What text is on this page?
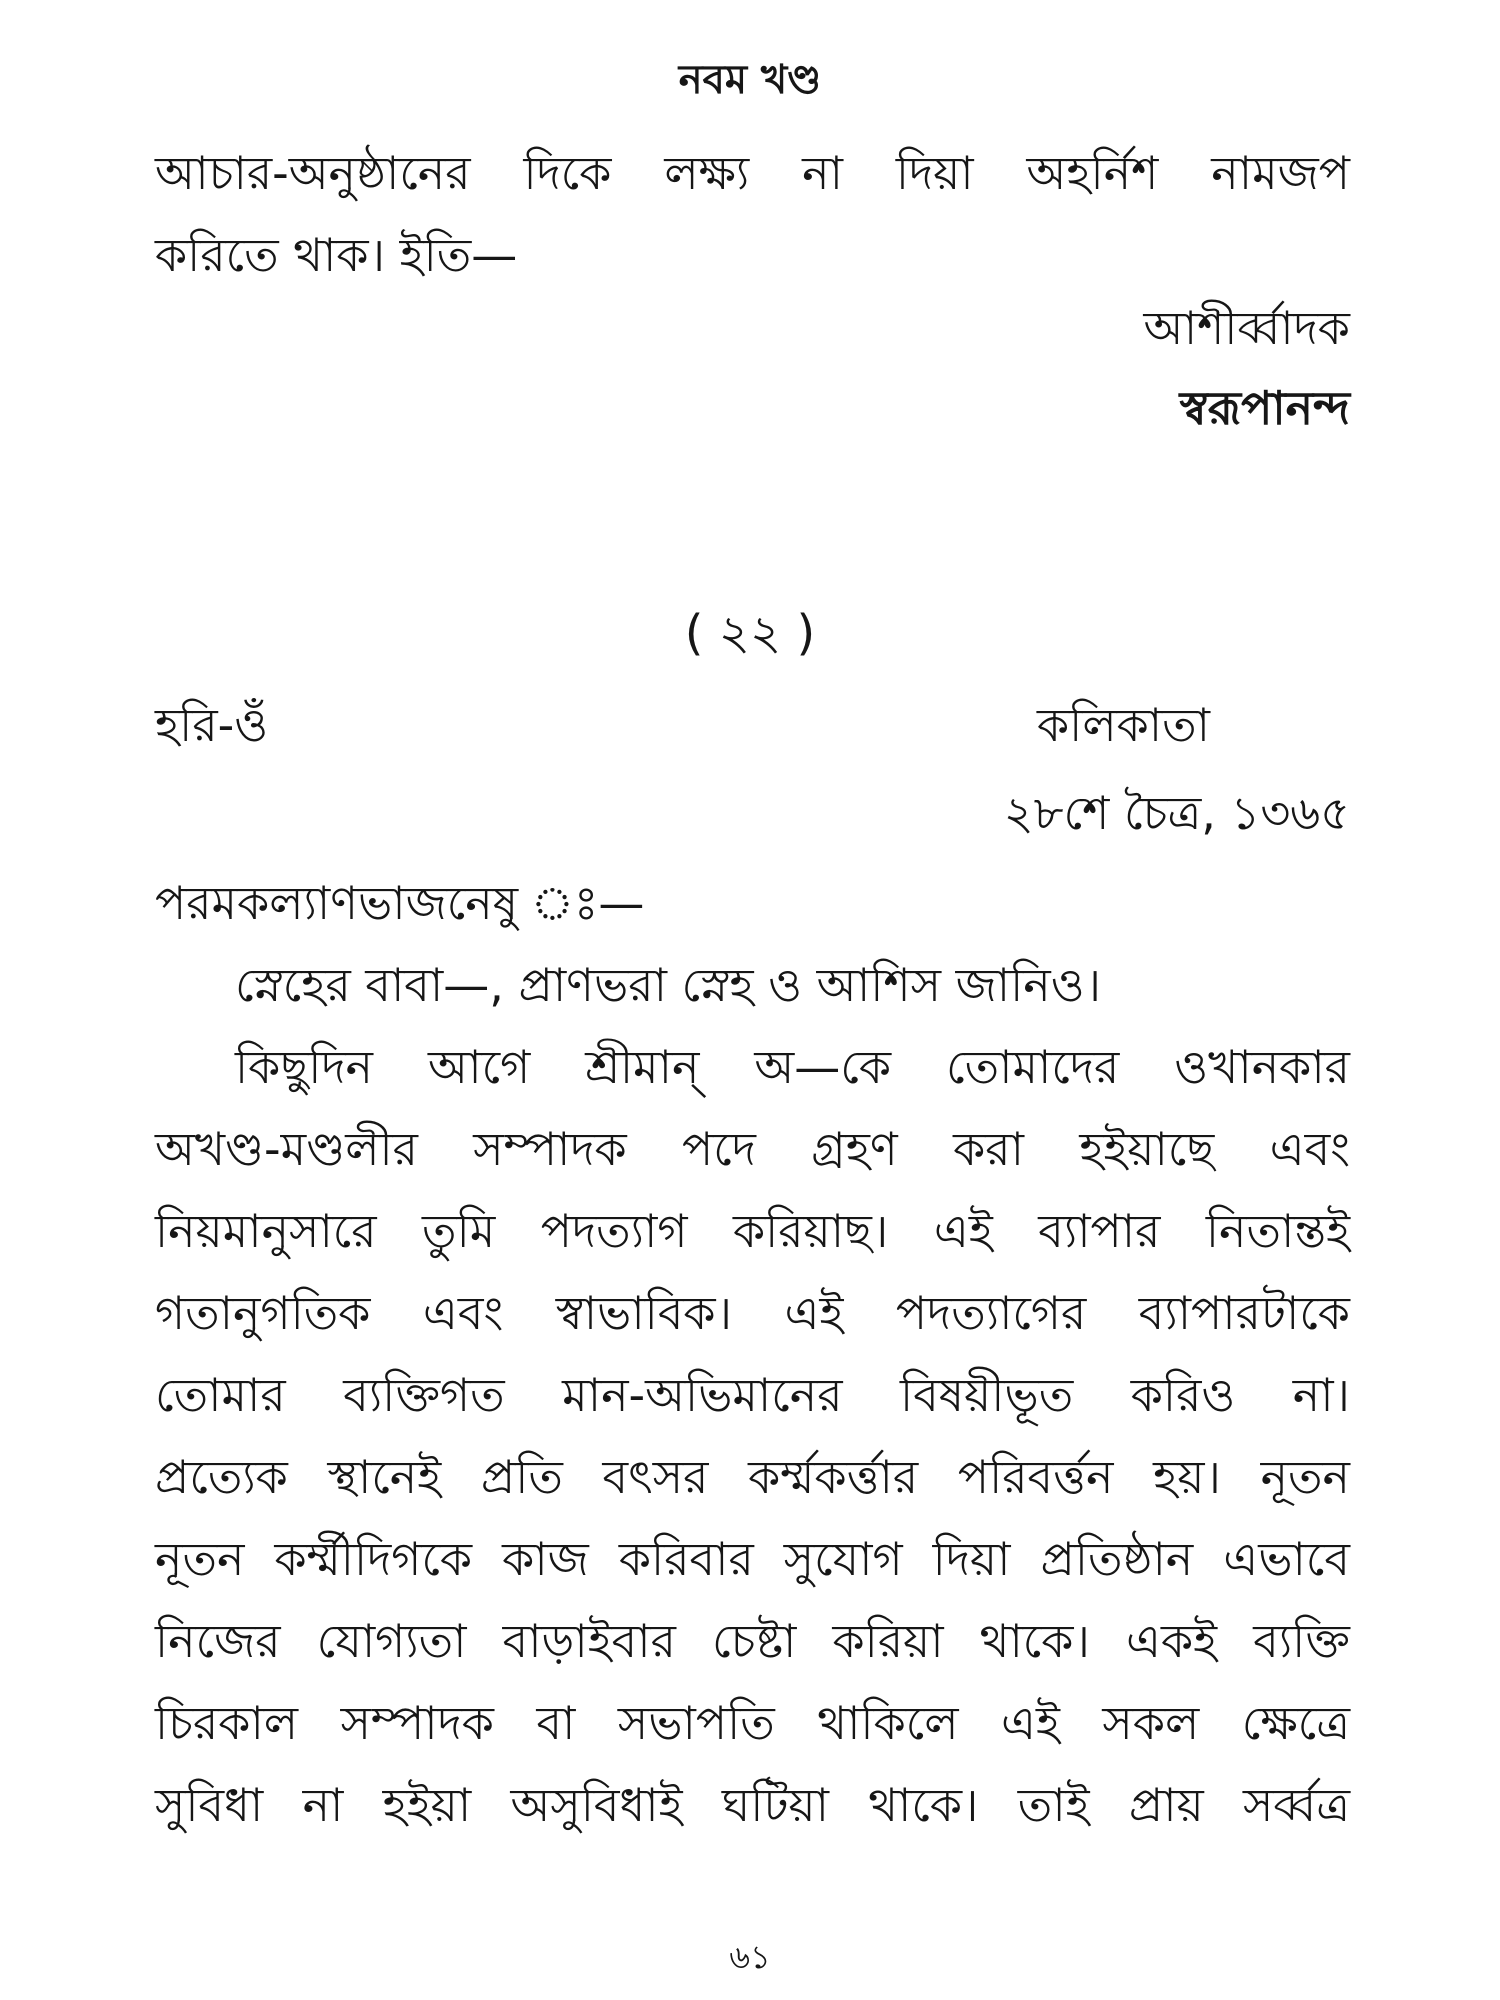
নবম খণ্ড
আচার-অনুষ্ঠানের দিকে লক্ষ্য না দিয়া অহর্নিশ নামজপ
করিতে থাক। ইতি—
আশীর্ব্বাদক
স্বরূপানন্দ
( ২২ )
হরি-ওঁ	কলিকাতা
২৮শে চৈত্র, ১৩৬৫
পরমকল্যাণভাজনেষু ঃ—
স্নেহের বাবা—, প্রাণভরা স্নেহ ও আশিস জানিও।
কিছুদিন আগে শ্রীমান্ অ—কে তোমাদের ওখানকার
অখণ্ড-মণ্ডলীর সম্পাদক পদে গ্রহণ করা হইয়াছে এবং
নিয়মানুসারে তুমি পদত্যাগ করিয়াছ। এই ব্যাপার নিতান্তই
গতানুগতিক এবং স্বাভাবিক। এই পদত্যাগের ব্যাপারটাকে
তোমার ব্যক্তিগত মান-অভিমানের বিষয়ীভূত করিও না।
প্রত্যেক স্থানেই প্রতি বৎসর কর্ম্মকর্ত্তার পরিবর্ত্তন হয়। নূতন
নূতন কর্ম্মীদিগকে কাজ করিবার সুযোগ দিয়া প্রতিষ্ঠান এভাবে
নিজের যোগ্যতা বাড়াইবার চেষ্টা করিয়া থাকে। একই ব্যক্তি
চিরকাল সম্পাদক বা সভাপতি থাকিলে এই সকল ক্ষেত্রে
সুবিধা না হইয়া অসুবিধাই ঘটিয়া থাকে। তাই প্রায় সর্ব্বত্র
৬১
